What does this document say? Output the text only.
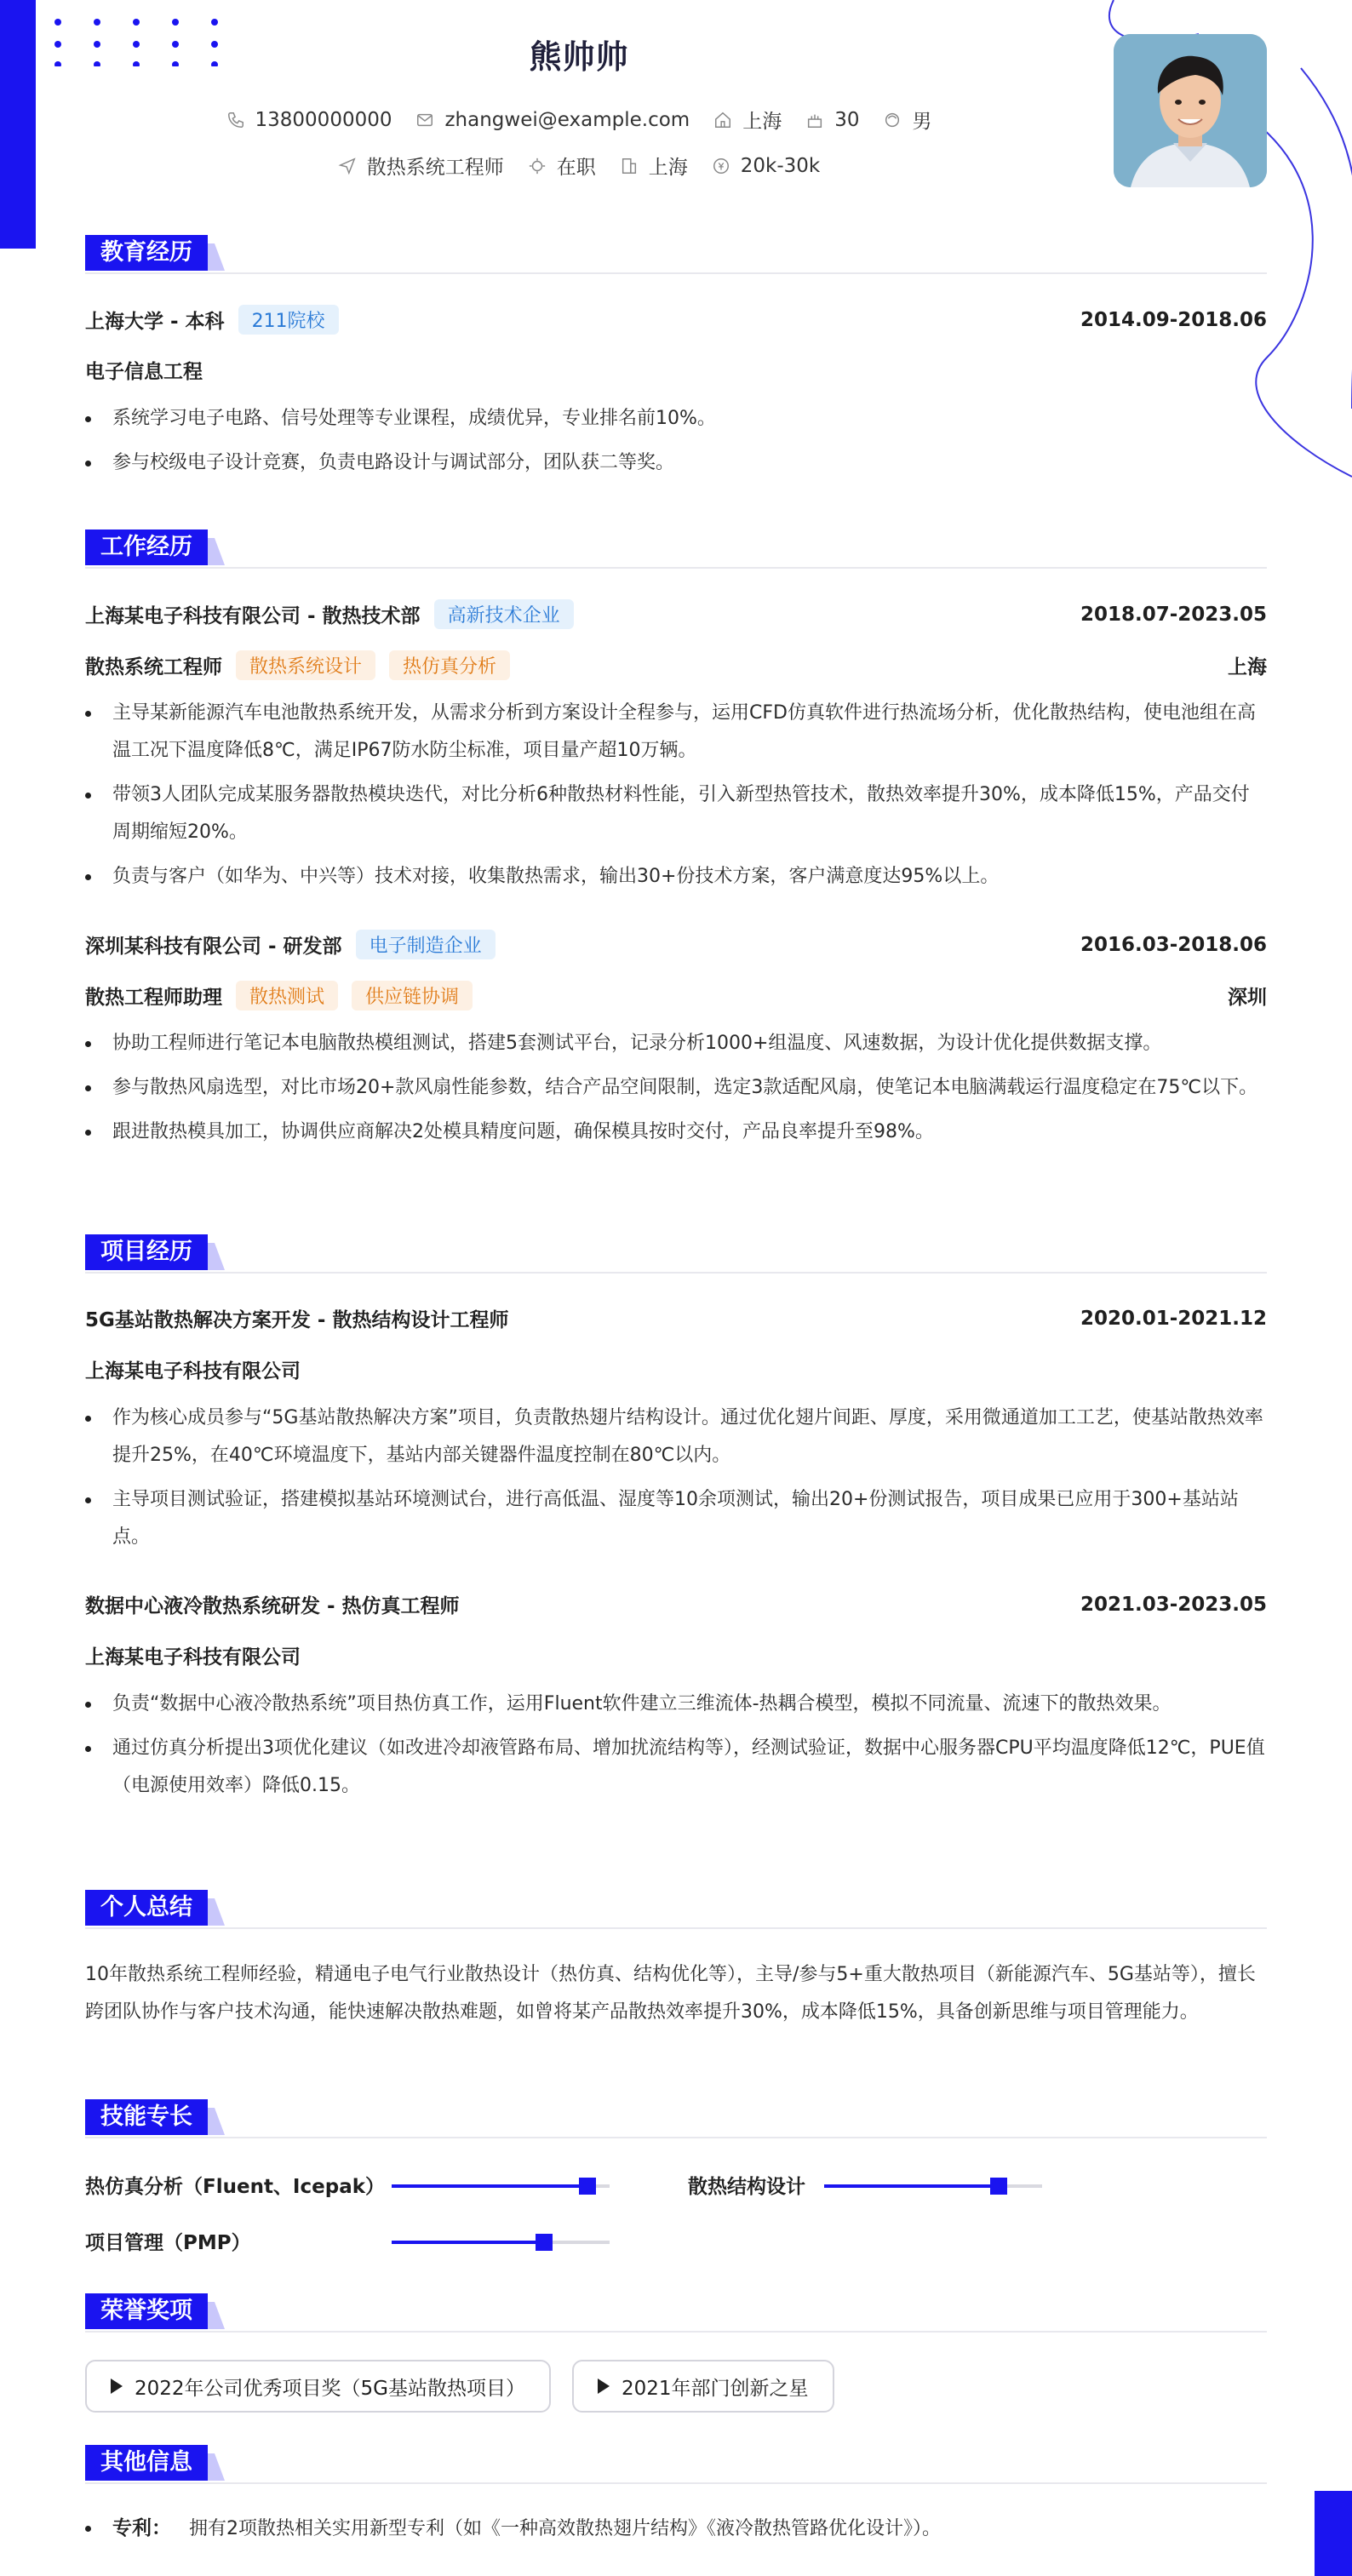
熊帅帅
13800000000	zhangwei@example.com	上海	30	男
散热系统工程师	在职	上海	20k-30k
教育经历
上海大学 - 本科	211院校	2014.09-2018.06
电子信息工程
系统学习电子电路、信号处理等专业课程，成绩优异，专业排名前10%。
参与校级电子设计竞赛，负责电路设计与调试部分，团队获二等奖。
工作经历
上海某电子科技有限公司 - 散热技术部	高新技术企业	2018.07-2023.05
散热系统工程师	散热系统设计	热仿真分析	上海
主导某新能源汽车电池散热系统开发，从需求分析到方案设计全程参与，运用CFD仿真软件进行热流场分析，优化散热结构，使电池组在高温工况下温度降低8℃，满足IP67防水防尘标准，项目量产超10万辆。
带领3人团队完成某服务器散热模块迭代，对比分析6种散热材料性能，引入新型热管技术，散热效率提升30%，成本降低15%，产品交付周期缩短20%。
负责与客户（如华为、中兴等）技术对接，收集散热需求，输出30+份技术方案，客户满意度达95%以上。
深圳某科技有限公司 - 研发部	电子制造企业	2016.03-2018.06
散热工程师助理	散热测试	供应链协调	深圳
协助工程师进行笔记本电脑散热模组测试，搭建5套测试平台，记录分析1000+组温度、风速数据，为设计优化提供数据支撑。
参与散热风扇选型，对比市场20+款风扇性能参数，结合产品空间限制，选定3款适配风扇，使笔记本电脑满载运行温度稳定在75℃以下。
跟进散热模具加工，协调供应商解决2处模具精度问题，确保模具按时交付，产品良率提升至98%。
项目经历
5G基站散热解决方案开发 - 散热结构设计工程师	2020.01-2021.12
上海某电子科技有限公司
作为核心成员参与“5G基站散热解决方案”项目，负责散热翅片结构设计。通过优化翅片间距、厚度，采用微通道加工工艺，使基站散热效率提升25%，在40℃环境温度下，基站内部关键器件温度控制在80℃以内。
主导项目测试验证，搭建模拟基站环境测试台，进行高低温、湿度等10余项测试，输出20+份测试报告，项目成果已应用于300+基站站点。
数据中心液冷散热系统研发 - 热仿真工程师	2021.03-2023.05
上海某电子科技有限公司
负责“数据中心液冷散热系统”项目热仿真工作，运用Fluent软件建立三维流体-热耦合模型，模拟不同流量、流速下的散热效果。
通过仿真分析提出3项优化建议（如改进冷却液管路布局、增加扰流结构等），经测试验证，数据中心服务器CPU平均温度降低12℃，PUE值（电源使用效率）降低0.15。
个人总结

10年散热系统工程师经验，精通电子电气行业散热设计（热仿真、结构优化等），主导/参与5+重大散热项目（新能源汽车、5G基站等），擅长跨团队协作与客户技术沟通，能快速解决散热难题，如曾将某产品散热效率提升30%，成本降低15%，具备创新思维与项目管理能力。

技能专长
热仿真分析（Fluent、Icepak）	散热结构设计
项目管理（PMP）
荣誉奖项
2022年公司优秀项目奖（5G基站散热项目）	2021年部门创新之星
其他信息
专利： 拥有2项散热相关实用新型专利（如《一种高效散热翅片结构》《液冷散热管路优化设计》）。
